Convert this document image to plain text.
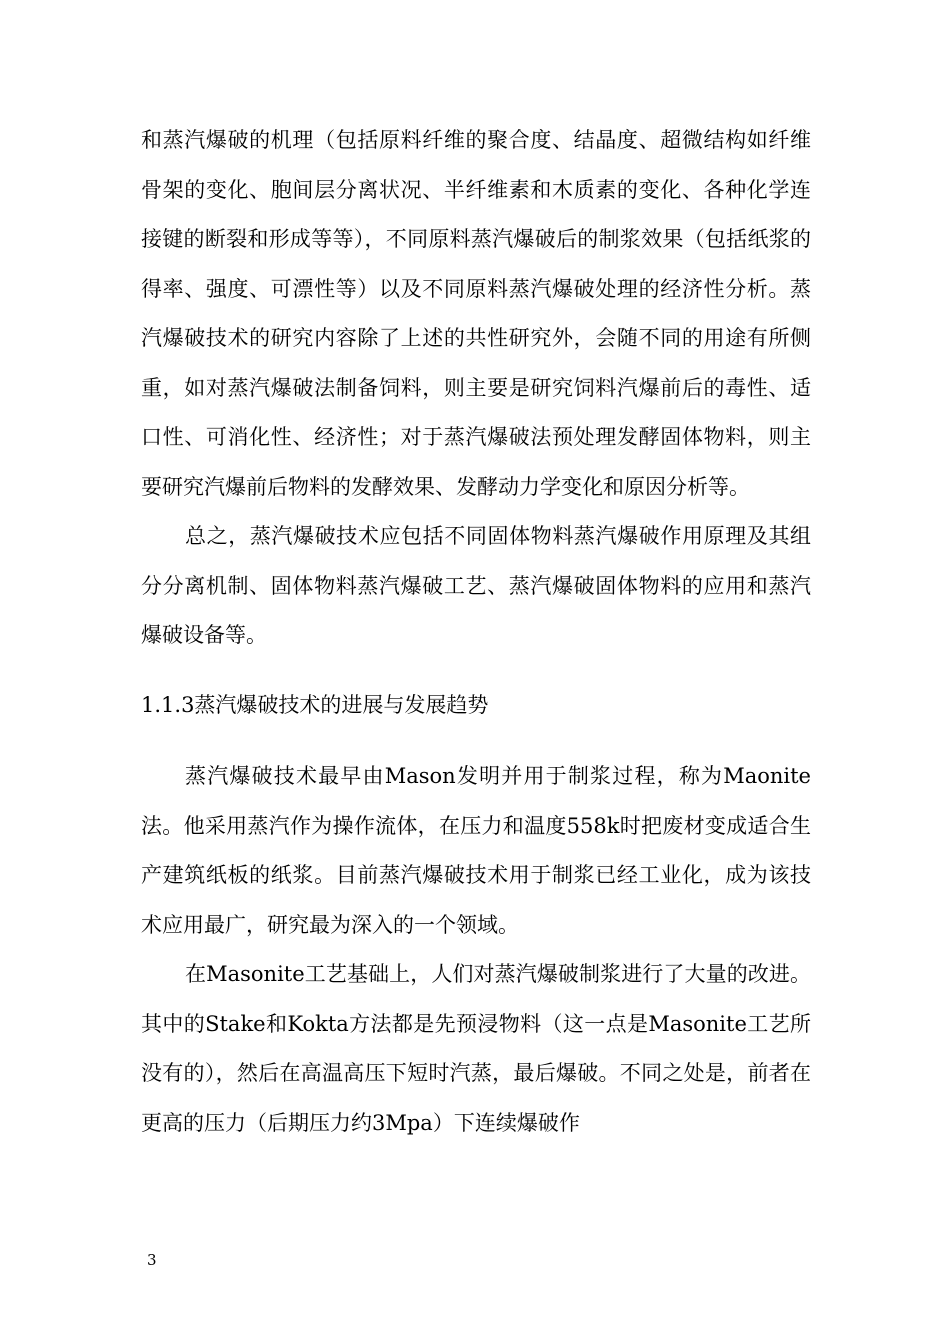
和蒸汽爆破的机理（包括原料纤维的聚合度、结晶度、超微结构如纤维骨架的变化、胞间层分离状况、半纤维素和木质素的变化、各种化学连接键的断裂和形成等等），不同原料蒸汽爆破后的制浆效果（包括纸浆的得率、强度、可漂性等）以及不同原料蒸汽爆破处理的经济性分析。蒸汽爆破技术的研究内容除了上述的共性研究外，会随不同的用途有所侧重，如对蒸汽爆破法制备饲料，则主要是研究饲料汽爆前后的毒性、适口性、可消化性、经济性；对于蒸汽爆破法预处理发酵固体物料，则主要研究汽爆前后物料的发酵效果、发酵动力学变化和原因分析等。

总之，蒸汽爆破技术应包括不同固体物料蒸汽爆破作用原理及其组分分离机制、固体物料蒸汽爆破工艺、蒸汽爆破固体物料的应用和蒸汽爆破设备等。

1.1.3蒸汽爆破技术的进展与发展趋势

蒸汽爆破技术最早由Mason发明并用于制浆过程，称为Maonite法。他采用蒸汽作为操作流体，在压力和温度558k时把废材变成适合生产建筑纸板的纸浆。目前蒸汽爆破技术用于制浆已经工业化，成为该技术应用最广，研究最为深入的一个领域。

在Masonite工艺基础上，人们对蒸汽爆破制浆进行了大量的改进。其中的Stake和Kokta方法都是先预浸物料（这一点是Masonite工艺所没有的），然后在高温高压下短时汽蒸，最后爆破。不同之处是，前者在更高的压力（后期压力约3Mpa）下连续爆破作

3
